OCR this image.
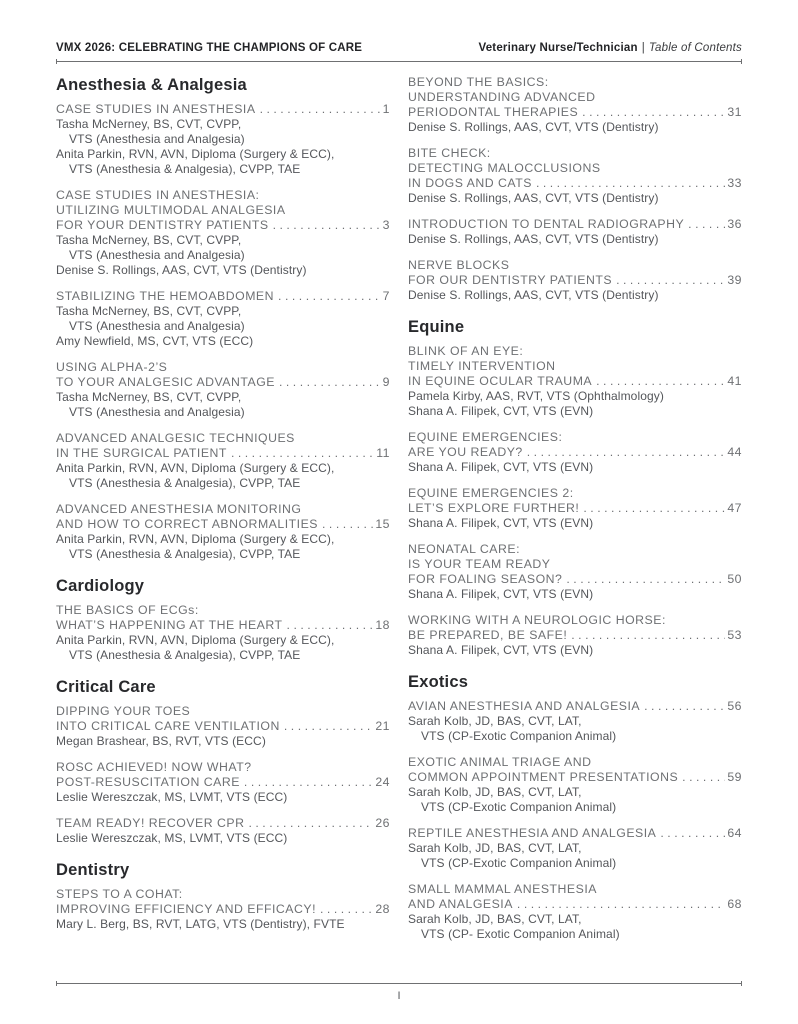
VMX 2026: CELEBRATING THE CHAMPIONS OF CARE	Veterinary Nurse/Technician | Table of Contents
Anesthesia & Analgesia
CASE STUDIES IN ANESTHESIA .....	1
Tasha McNerney, BS, CVT, CVPP,
VTS (Anesthesia and Analgesia)
Anita Parkin, RVN, AVN, Diploma (Surgery & ECC),
VTS (Anesthesia & Analgesia), CVPP, TAE
CASE STUDIES IN ANESTHESIA:
UTILIZING MULTIMODAL ANALGESIA
FOR YOUR DENTISTRY PATIENTS .....	3
Tasha McNerney, BS, CVT, CVPP,
VTS (Anesthesia and Analgesia)
Denise S. Rollings, AAS, CVT, VTS (Dentistry)
STABILIZING THE HEMOABDOMEN .....	7
Tasha McNerney, BS, CVT, CVPP,
VTS (Anesthesia and Analgesia)
Amy Newfield, MS, CVT, VTS (ECC)
USING ALPHA-2’S
TO YOUR ANALGESIC ADVANTAGE .....	9
Tasha McNerney, BS, CVT, CVPP,
VTS (Anesthesia and Analgesia)
ADVANCED ANALGESIC TECHNIQUES
IN THE SURGICAL PATIENT .....	11
Anita Parkin, RVN, AVN, Diploma (Surgery & ECC),
VTS (Anesthesia & Analgesia), CVPP, TAE
ADVANCED ANESTHESIA MONITORING
AND HOW TO CORRECT ABNORMALITIES .....	15
Anita Parkin, RVN, AVN, Diploma (Surgery & ECC),
VTS (Anesthesia & Analgesia), CVPP, TAE
Cardiology
THE BASICS OF ECGs:
WHAT’S HAPPENING AT THE HEART .....	18
Anita Parkin, RVN, AVN, Diploma (Surgery & ECC),
VTS (Anesthesia & Analgesia), CVPP, TAE
Critical Care
DIPPING YOUR TOES
INTO CRITICAL CARE VENTILATION .....	21
Megan Brashear, BS, RVT, VTS (ECC)
ROSC ACHIEVED! NOW WHAT?
POST-RESUSCITATION CARE .....	24
Leslie Wereszczak, MS, LVMT, VTS (ECC)
TEAM READY! RECOVER CPR .....	26
Leslie Wereszczak, MS, LVMT, VTS (ECC)
Dentistry
STEPS TO A COHAT:
IMPROVING EFFICIENCY AND EFFICACY! .....	28
Mary L. Berg, BS, RVT, LATG, VTS (Dentistry), FVTE
BEYOND THE BASICS:
UNDERSTANDING ADVANCED
PERIODONTAL THERAPIES .....	31
Denise S. Rollings, AAS, CVT, VTS (Dentistry)
BITE CHECK:
DETECTING MALOCCLUSIONS
IN DOGS AND CATS .....	33
Denise S. Rollings, AAS, CVT, VTS (Dentistry)
INTRODUCTION TO DENTAL RADIOGRAPHY .....	36
Denise S. Rollings, AAS, CVT, VTS (Dentistry)
NERVE BLOCKS
FOR OUR DENTISTRY PATIENTS .....	39
Denise S. Rollings, AAS, CVT, VTS (Dentistry)
Equine
BLINK OF AN EYE:
TIMELY INTERVENTION
IN EQUINE OCULAR TRAUMA .....	41
Pamela Kirby, AAS, RVT, VTS (Ophthalmology)
Shana A. Filipek, CVT, VTS (EVN)
EQUINE EMERGENCIES:
ARE YOU READY? .....	44
Shana A. Filipek, CVT, VTS (EVN)
EQUINE EMERGENCIES 2:
LET’S EXPLORE FURTHER! .....	47
Shana A. Filipek, CVT, VTS (EVN)
NEONATAL CARE:
IS YOUR TEAM READY
FOR FOALING SEASON? .....	50
Shana A. Filipek, CVT, VTS (EVN)
WORKING WITH A NEUROLOGIC HORSE:
BE PREPARED, BE SAFE! .....	53
Shana A. Filipek, CVT, VTS (EVN)
Exotics
AVIAN ANESTHESIA AND ANALGESIA .....	56
Sarah Kolb, JD, BAS, CVT, LAT,
VTS (CP-Exotic Companion Animal)
EXOTIC ANIMAL TRIAGE AND
COMMON APPOINTMENT PRESENTATIONS .....	59
Sarah Kolb, JD, BAS, CVT, LAT,
VTS (CP-Exotic Companion Animal)
REPTILE ANESTHESIA AND ANALGESIA .....	64
Sarah Kolb, JD, BAS, CVT, LAT,
VTS (CP-Exotic Companion Animal)
SMALL MAMMAL ANESTHESIA
AND ANALGESIA .....	68
Sarah Kolb, JD, BAS, CVT, LAT,
VTS (CP- Exotic Companion Animal)
I
